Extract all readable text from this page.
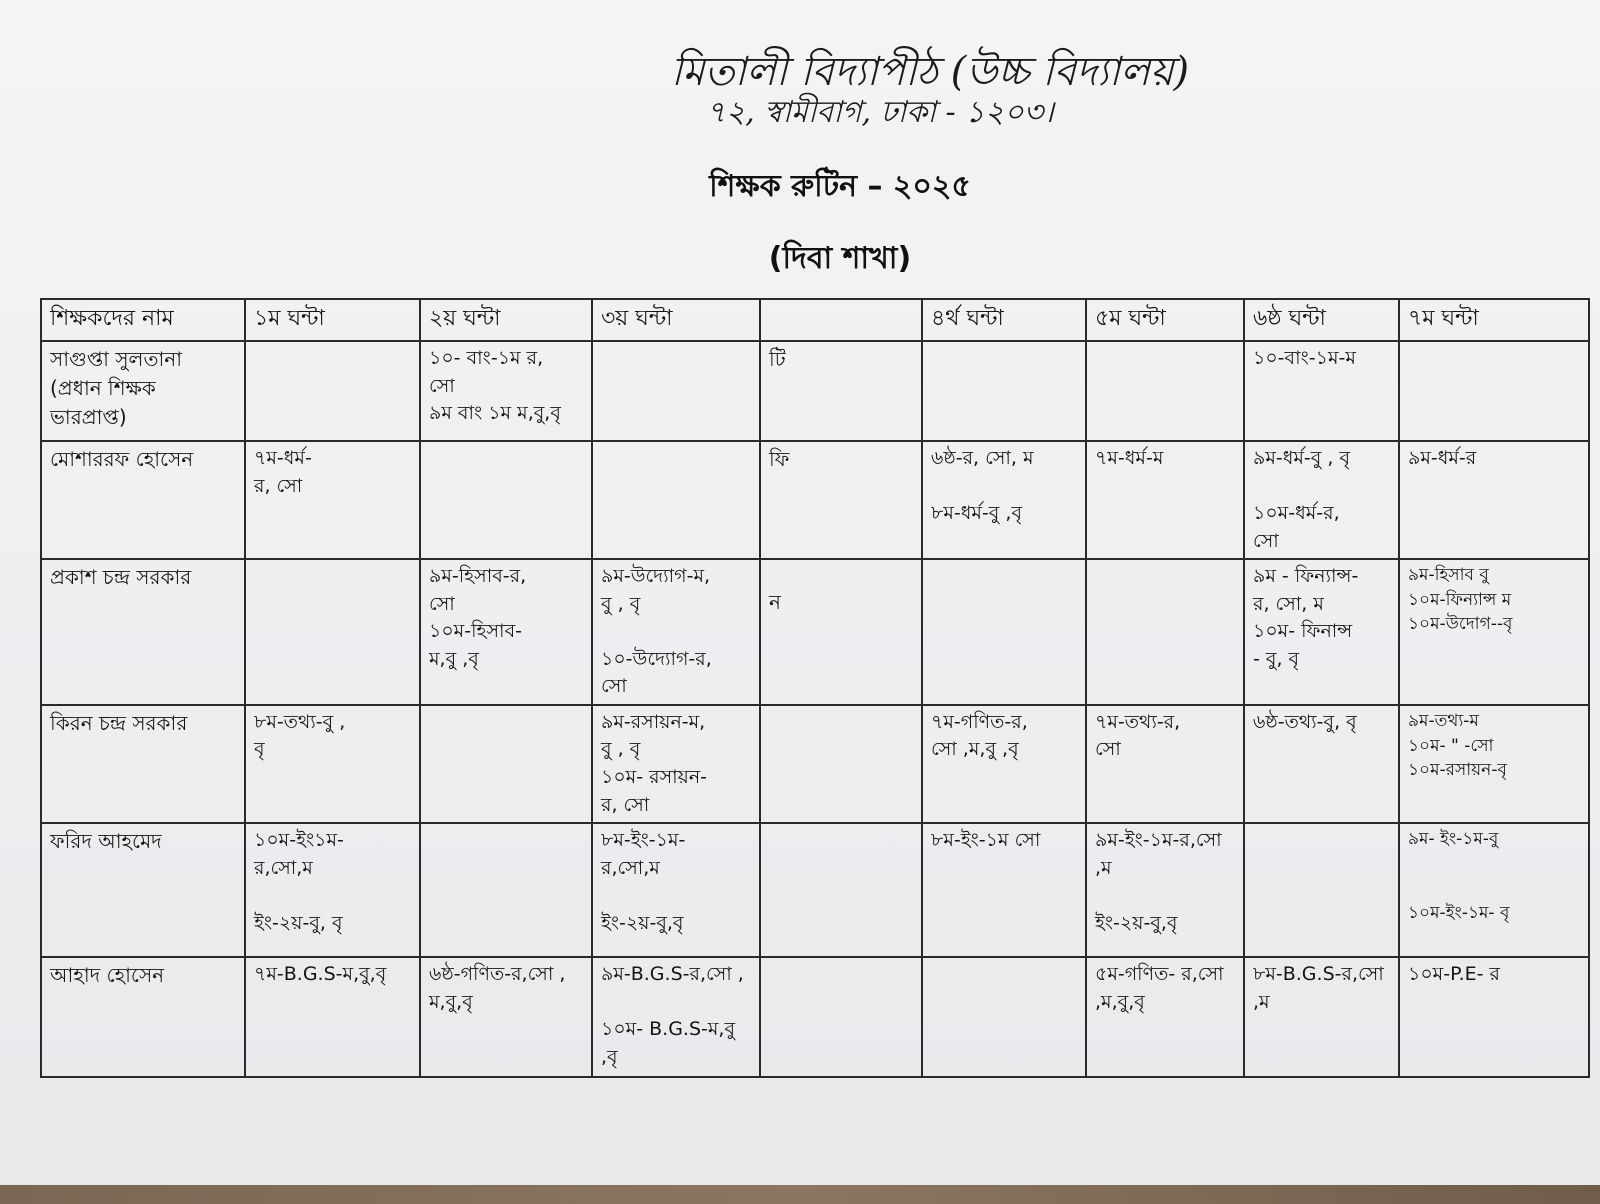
মিতালী বিদ্যাপীঠ (উচ্চ বিদ্যালয়)
৭২, স্বামীবাগ, ঢাকা - ১২০৩।
শিক্ষক রুটিন – ২০২৫
(দিবা শাখা)
শিক্ষকদের নাম	১ম ঘন্টা	২য় ঘন্টা	৩য় ঘন্টা		৪র্থ ঘন্টা	৫ম ঘন্টা	৬ষ্ঠ ঘন্টা	৭ম ঘন্টা
সাগুপ্তা সুলতানা
(প্রধান শিক্ষক
ভারপ্রাপ্ত)		১০- বাং-১ম র,
সো
৯ম বাং ১ম ম,বু,বৃ		টি			১০-বাং-১ম-ম	
মোশাররফ হোসেন	৭ম-ধর্ম-
র, সো			ফি	৬ষ্ঠ-র, সো, ম

৮ম-ধর্ম-বু ,বৃ	৭ম-ধর্ম-ম	৯ম-ধর্ম-বু , বৃ

১০ম-ধর্ম-র,
সো	৯ম-ধর্ম-র
প্রকাশ চন্দ্র সরকার		৯ম-হিসাব-র,
সো
১০ম-হিসাব-
ম,বু ,বৃ	৯ম-উদ্যোগ-ম,
বু , বৃ

১০-উদ্যোগ-র,
সো	ন			৯ম - ফিন্যান্স-
র, সো, ম
১০ম- ফিনান্স
- বু, বৃ	৯ম-হিসাব বু
১০ম-ফিন্যান্স ম
১০ম-উদোগ--বৃ
কিরন চন্দ্র সরকার	৮ম-তথ্য-বু ,
বৃ		৯ম-রসায়ন-ম,
বু , বৃ
১০ম- রসায়ন-
র, সো		৭ম-গণিত-র,
সো ,ম,বু ,বৃ	৭ম-তথ্য-র,
সো	৬ষ্ঠ-তথ্য-বু, বৃ	৯ম-তথ্য-ম
১০ম- " -সো
১০ম-রসায়ন-বৃ
ফরিদ আহমেদ	১০ম-ইং১ম-
র,সো,ম

ইং-২য়-বু, বৃ		৮ম-ইং-১ম-
র,সো,ম

ইং-২য়-বু,বৃ		৮ম-ইং-১ম সো	৯ম-ইং-১ম-র,সো
,ম

ইং-২য়-বু,বৃ		৯ম- ইং-১ম-বু

১০ম-ইং-১ম- বৃ
আহাদ হোসেন	৭ম-B.G.S-ম,বু,বৃ	৬ষ্ঠ-গণিত-র,সো ,
ম,বু,বৃ	৯ম-B.G.S-র,সো ,

১০ম- B.G.S-ম,বু
,বৃ			৫ম-গণিত- র,সো
,ম,বু,বৃ	৮ম-B.G.S-র,সো
,ম	১০ম-P.E- র
